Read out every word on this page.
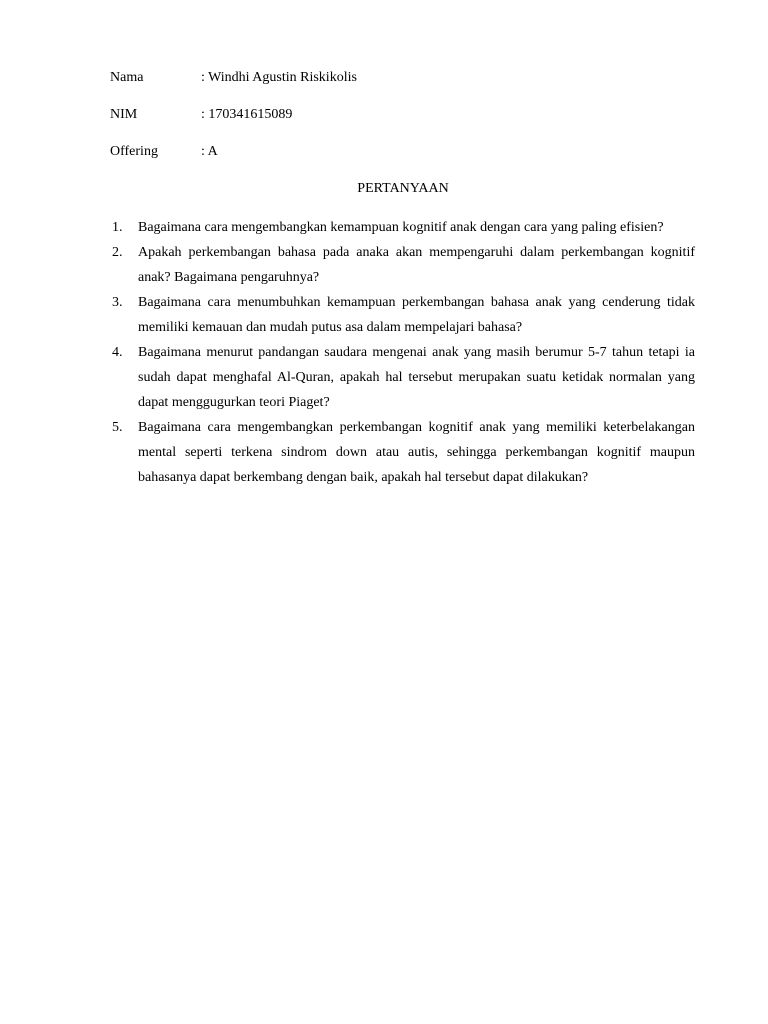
Nama	: Windhi Agustin Riskikolis
NIM	: 170341615089
Offering	: A
PERTANYAAN
1. Bagaimana cara mengembangkan kemampuan kognitif anak dengan cara yang paling efisien?
2. Apakah perkembangan bahasa pada anaka akan mempengaruhi dalam perkembangan kognitif anak? Bagaimana pengaruhnya?
3. Bagaimana cara menumbuhkan kemampuan perkembangan bahasa anak yang cenderung tidak memiliki kemauan dan mudah putus asa dalam mempelajari bahasa?
4. Bagaimana menurut pandangan saudara mengenai anak yang masih berumur 5-7 tahun tetapi ia sudah dapat menghafal Al-Quran, apakah hal tersebut merupakan suatu ketidak normalan yang dapat menggugurkan teori Piaget?
5. Bagaimana cara mengembangkan perkembangan kognitif anak yang memiliki keterbelakangan mental seperti terkena sindrom down atau autis, sehingga perkembangan kognitif maupun bahasanya dapat berkembang dengan baik, apakah hal tersebut dapat dilakukan?
